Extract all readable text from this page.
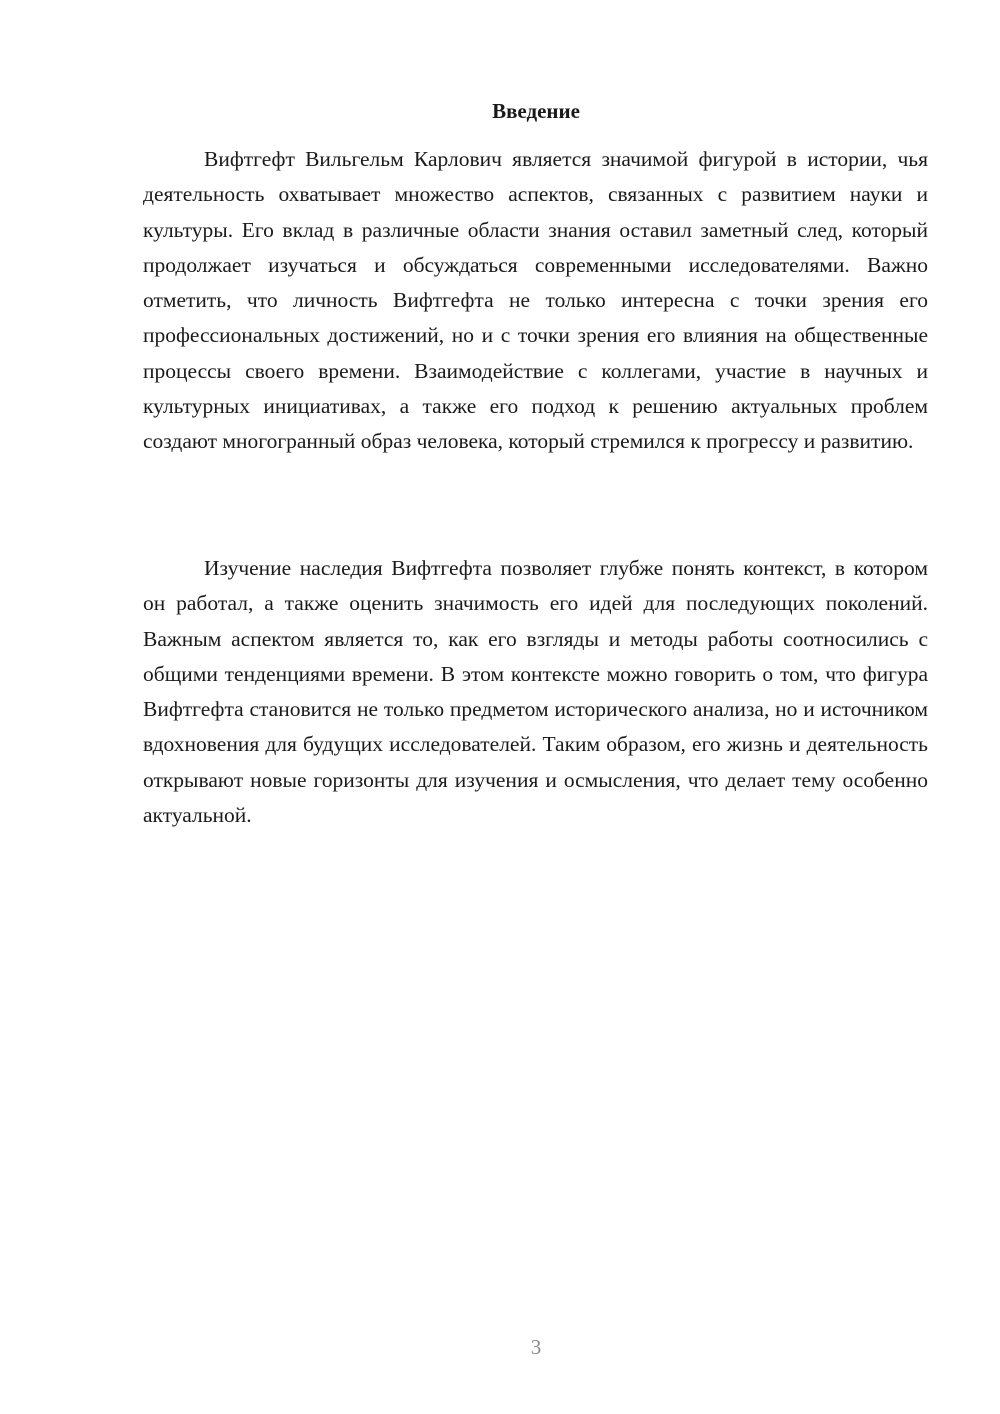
Введение

Вифтгефт Вильгельм Карлович является значимой фигурой в истории, чья деятельность охватывает множество аспектов, связанных с развитием науки и культуры. Его вклад в различные области знания оставил заметный след, который продолжает изучаться и обсуждаться современными исследователями. Важно отметить, что личность Вифтгефта не только интересна с точки зрения его профессиональных достижений, но и с точки зрения его влияния на общественные процессы своего времени. Взаимодействие с коллегами, участие в научных и культурных инициативах, а также его подход к решению актуальных проблем создают многогранный образ человека, который стремился к прогрессу и развитию.

Изучение наследия Вифтгефта позволяет глубже понять контекст, в котором он работал, а также оценить значимость его идей для последующих поколений. Важным аспектом является то, как его взгляды и методы работы соотносились с общими тенденциями времени. В этом контексте можно говорить о том, что фигура Вифтгефта становится не только предметом исторического анализа, но и источником вдохновения для будущих исследователей. Таким образом, его жизнь и деятельность открывают новые горизонты для изучения и осмысления, что делает тему особенно актуальной.

3
